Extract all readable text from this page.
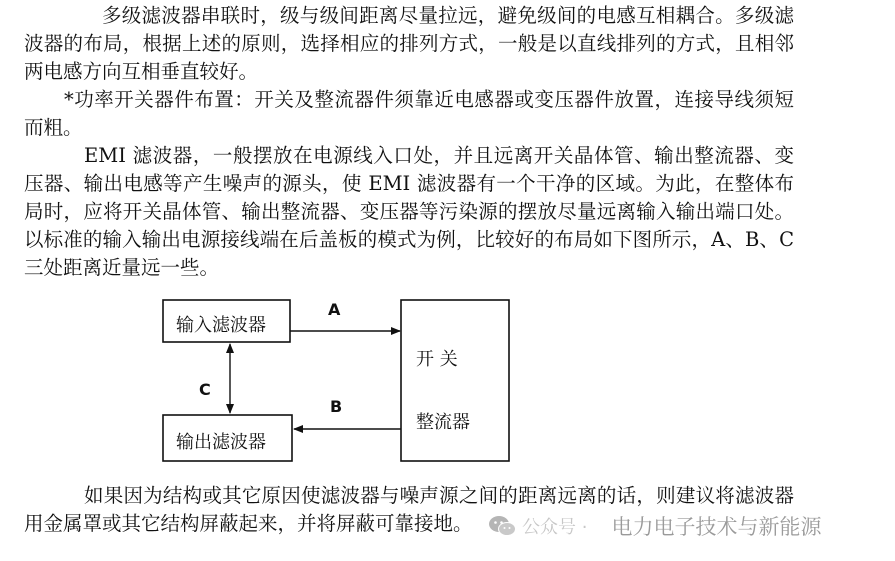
多级滤波器串联时，级与级间距离尽量拉远，避免级间的电感互相耦合。多级滤波器的布局，根据上述的原则，选择相应的排列方式，一般是以直线排列的方式，且相邻两电感方向互相垂直较好。

*功率开关器件布置：开关及整流器件须靠近电感器或变压器件放置，连接导线须短而粗。

EMI 滤波器，一般摆放在电源线入口处，并且远离开关晶体管、输出整流器、变压器、输出电感等产生噪声的源头，使 EMI 滤波器有一个干净的区域。为此，在整体布局时，应将开关晶体管、输出整流器、变压器等污染源的摆放尽量远离输入输出端口处。以标准的输入输出电源接线端在后盖板的模式为例，比较好的布局如下图所示，A、B、C 三处距离近量远一些。

输入滤波器
输出滤波器
开 关
整流器
A
B
C

如果因为结构或其它原因使滤波器与噪声源之间的距离远离的话，则建议将滤波器用金属罩或其它结构屏蔽起来，并将屏蔽可靠接地。	公众号 · 电力电子技术与新能源
